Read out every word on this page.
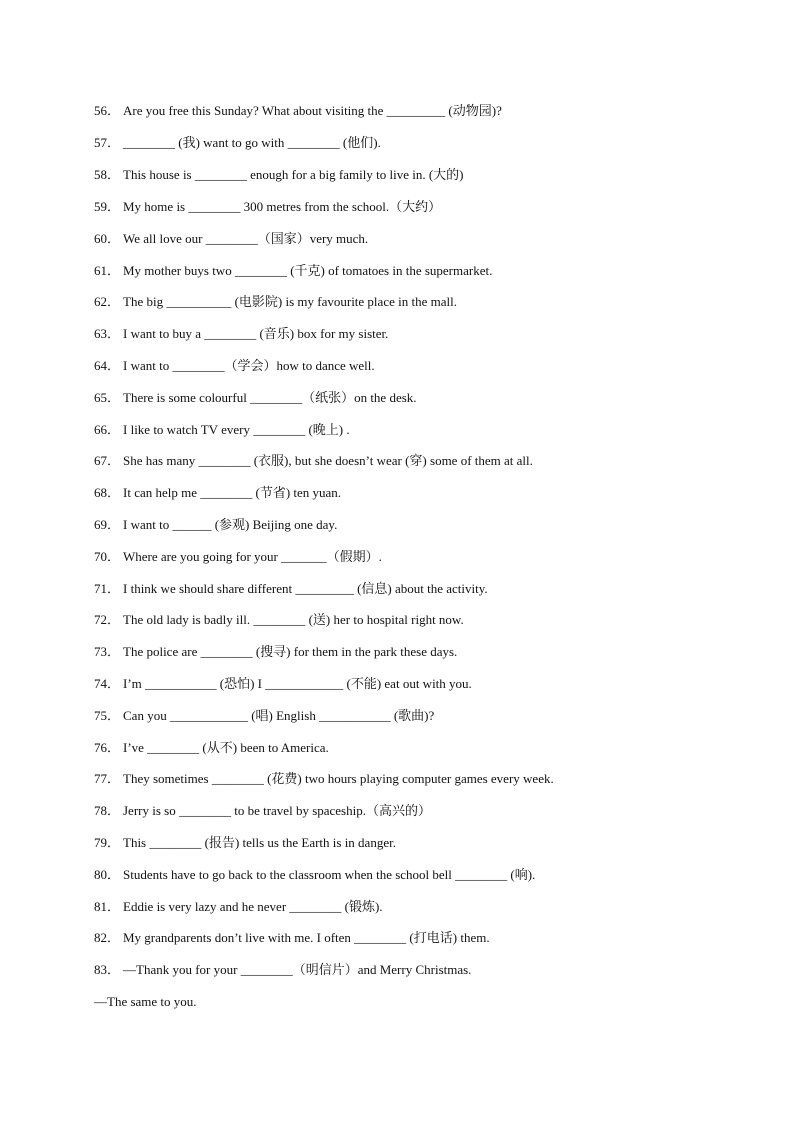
56． Are you free this Sunday? What about visiting the _________ (动物园)?

57． ________ (我) want to go with ________ (他们).

58． This house is ________ enough for a big family to live in. (大的)

59． My home is ________ 300 metres from the school.（大约）

60． We all love our ________（国家）very much.

61． My mother buys two ________ (千克) of tomatoes in the supermarket.

62． The big __________ (电影院) is my favourite place in the mall.

63． I want to buy a ________ (音乐) box for my sister.

64． I want to ________（学会）how to dance well.

65． There is some colourful ________（纸张）on the desk.

66． I like to watch TV every ________ (晚上) .

67． She has many ________ (衣服), but she doesn’t wear (穿) some of them at all.

68． It can help me ________ (节省) ten yuan.

69． I want to ______ (参观) Beijing one day.

70． Where are you going for your _______（假期）.

71． I think we should share different _________ (信息) about the activity.

72． The old lady is badly ill. ________ (送) her to hospital right now.

73． The police are ________ (搜寻) for them in the park these days.

74． I’m ___________ (恐怕) I ____________ (不能) eat out with you.

75． Can you ____________ (唱) English ___________ (歌曲)?

76． I’ve ________ (从不) been to America.

77． They sometimes ________ (花费) two hours playing computer games every week.

78． Jerry is so ________ to be travel by spaceship.（高兴的）

79． This ________ (报告) tells us the Earth is in danger.

80． Students have to go back to the classroom when the school bell ________ (响).

81． Eddie is very lazy and he never ________ (锻炼).

82． My grandparents don’t live with me. I often ________ (打电话) them.

83． —Thank you for your ________（明信片）and Merry Christmas.

—The same to you.
